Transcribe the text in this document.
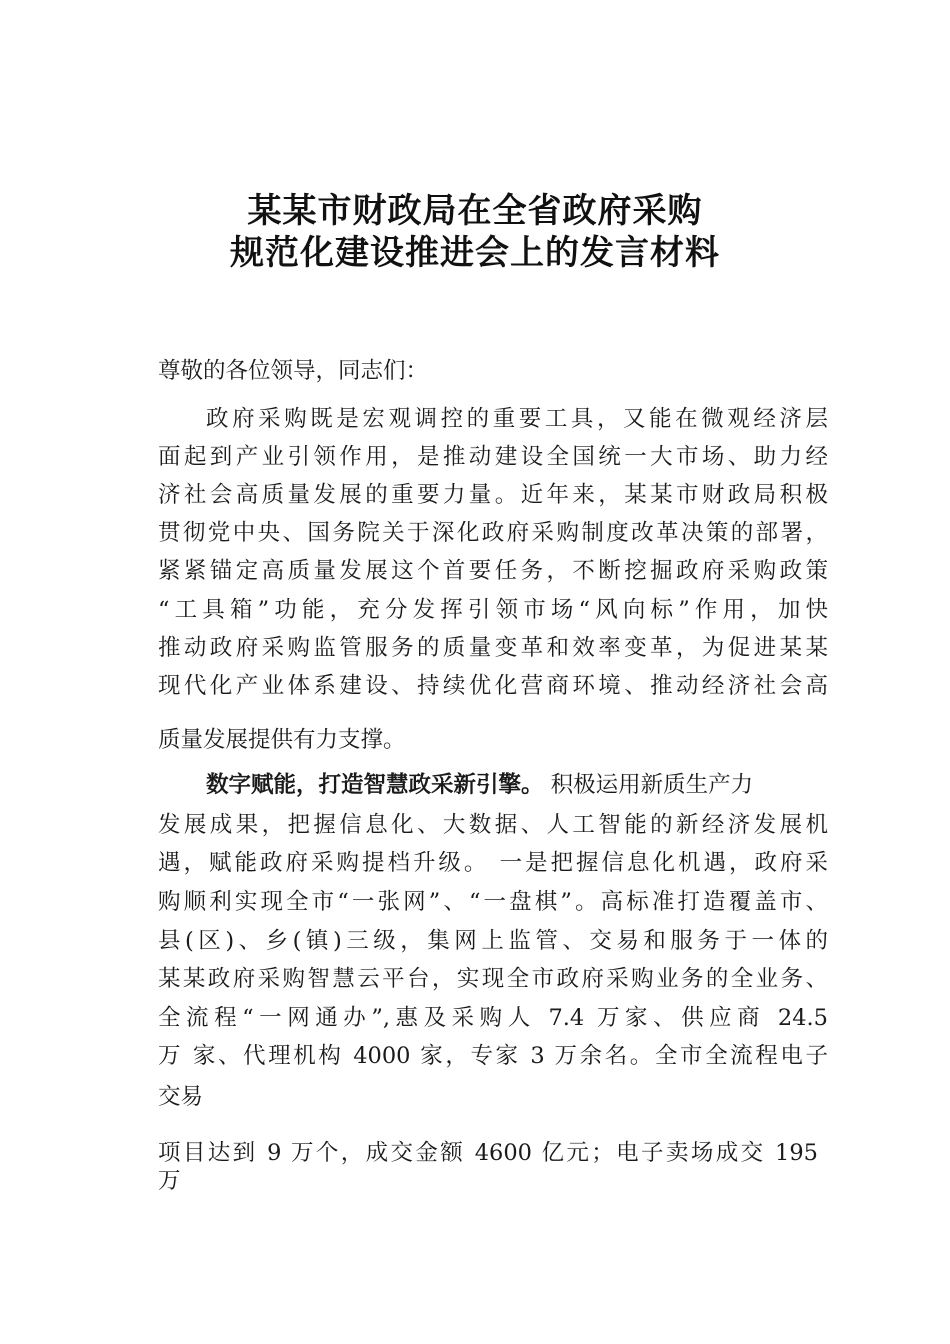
某某市财政局在全省政府采购
规范化建设推进会上的发言材料
尊敬的各位领导，同志们：
政府采购既是宏观调控的重要工具，又能在微观经济层
面起到产业引领作用，是推动建设全国统一大市场、助力经
济社会高质量发展的重要力量。近年来，某某市财政局积极
贯彻党中央、国务院关于深化政府采购制度改革决策的部署，
紧紧锚定高质量发展这个首要任务，不断挖掘政府采购政策
“工具箱”功能，充分发挥引领市场“风向标”作用，加快
推动政府采购监管服务的质量变革和效率变革，为促进某某
现代化产业体系建设、持续优化营商环境、推动经济社会高
质量发展提供有力支撑。
数字赋能，打造智慧政采新引擎。 积极运用新质生产力
发展成果，把握信息化、大数据、人工智能的新经济发展机
遇，赋能政府采购提档升级。 一是把握信息化机遇，政府采
购顺利实现全市“一张网”、“一盘棋”。高标准打造覆盖市、
县(区)、乡(镇)三级，集网上监管、交易和服务于一体的
某某政府采购智慧云平台，实现全市政府采购业务的全业务、
全流程“一网通办”,惠及采购人 7.4 万家、供应商 24.5
万 家、代理机构 4000 家，专家 3 万余名。全市全流程电子
交易
项目达到 9 万个，成交金额 4600 亿元；电子卖场成交 195
万
